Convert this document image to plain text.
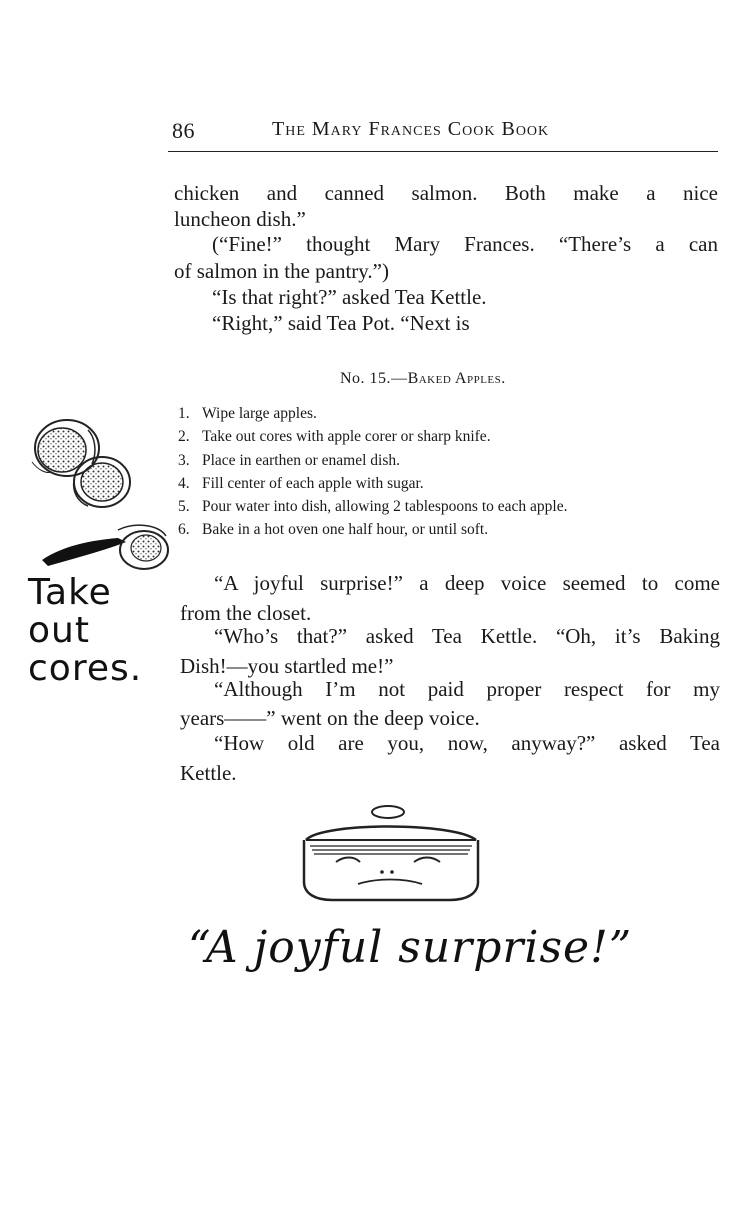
86	The Mary Frances Cook Book

chicken and canned salmon. Both make a nice

luncheon dish.”

(“Fine!” thought Mary Frances. “There’s a can

of salmon in the pantry.”)

“Is that right?” asked Tea Kettle.

“Right,” said Tea Pot. “Next is

No. 15.—Baked Apples.
1. Wipe large apples.
2. Take out cores with apple corer or sharp knife.
3. Place in earthen or enamel dish.
4. Fill center of each apple with sugar.
5. Pour water into dish, allowing 2 tablespoons to each apple.
6. Bake in a hot oven one half hour, or until soft.
Take
out
cores.

“A joyful surprise!” a deep voice seemed to come

from the closet.

“Who’s that?” asked Tea Kettle. “Oh, it’s Baking

Dish!—you startled me!”

“Although I’m not paid proper respect for my

years——” went on the deep voice.

“How old are you, now, anyway?” asked Tea

Kettle.

“A joyful surprise!”
